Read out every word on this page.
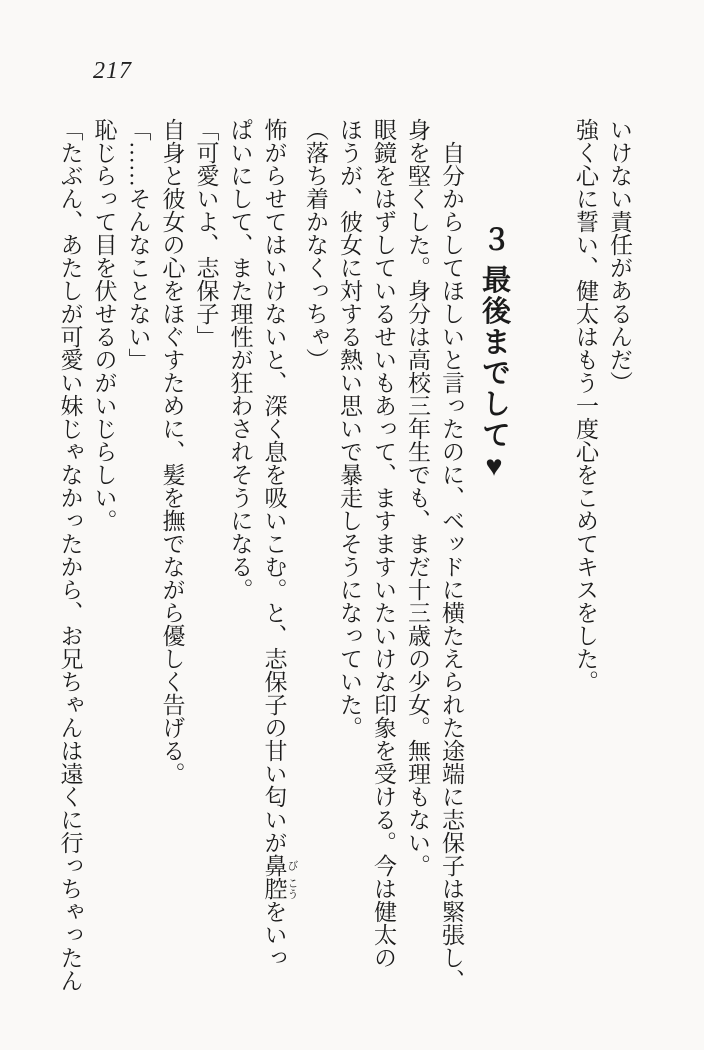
217

いけない責任があるんだ）

強く心に誓い、健太はもう一度心をこめてキスをした。

３ 最後までして♥

自分からしてほしいと言ったのに、ベッドに横たえられた途端に志保子は緊張し、

身を堅くした。身分は高校三年生でも、まだ十三歳の少女。無理もない。

眼鏡をはずしているせいもあって、ますますいたいけな印象を受ける。今は健太の

ほうが、彼女に対する熱い思いで暴走しそうになっていた。

（落ち着かなくっちゃ）

怖がらせてはいけないと、深く息を吸いこむ。と、志保子の甘い匂いが鼻 び腔 こうをいっ

ぱいにして、また理性が狂わされそうになる。

「可愛いよ、志保子」

自身と彼女の心をほぐすために、髪を撫でながら優しく告げる。

「……そんなことない」

恥じらって目を伏せるのがいじらしい。

「たぶん、あたしが可愛い妹じゃなかったから、お兄ちゃんは遠くに行っちゃったん
